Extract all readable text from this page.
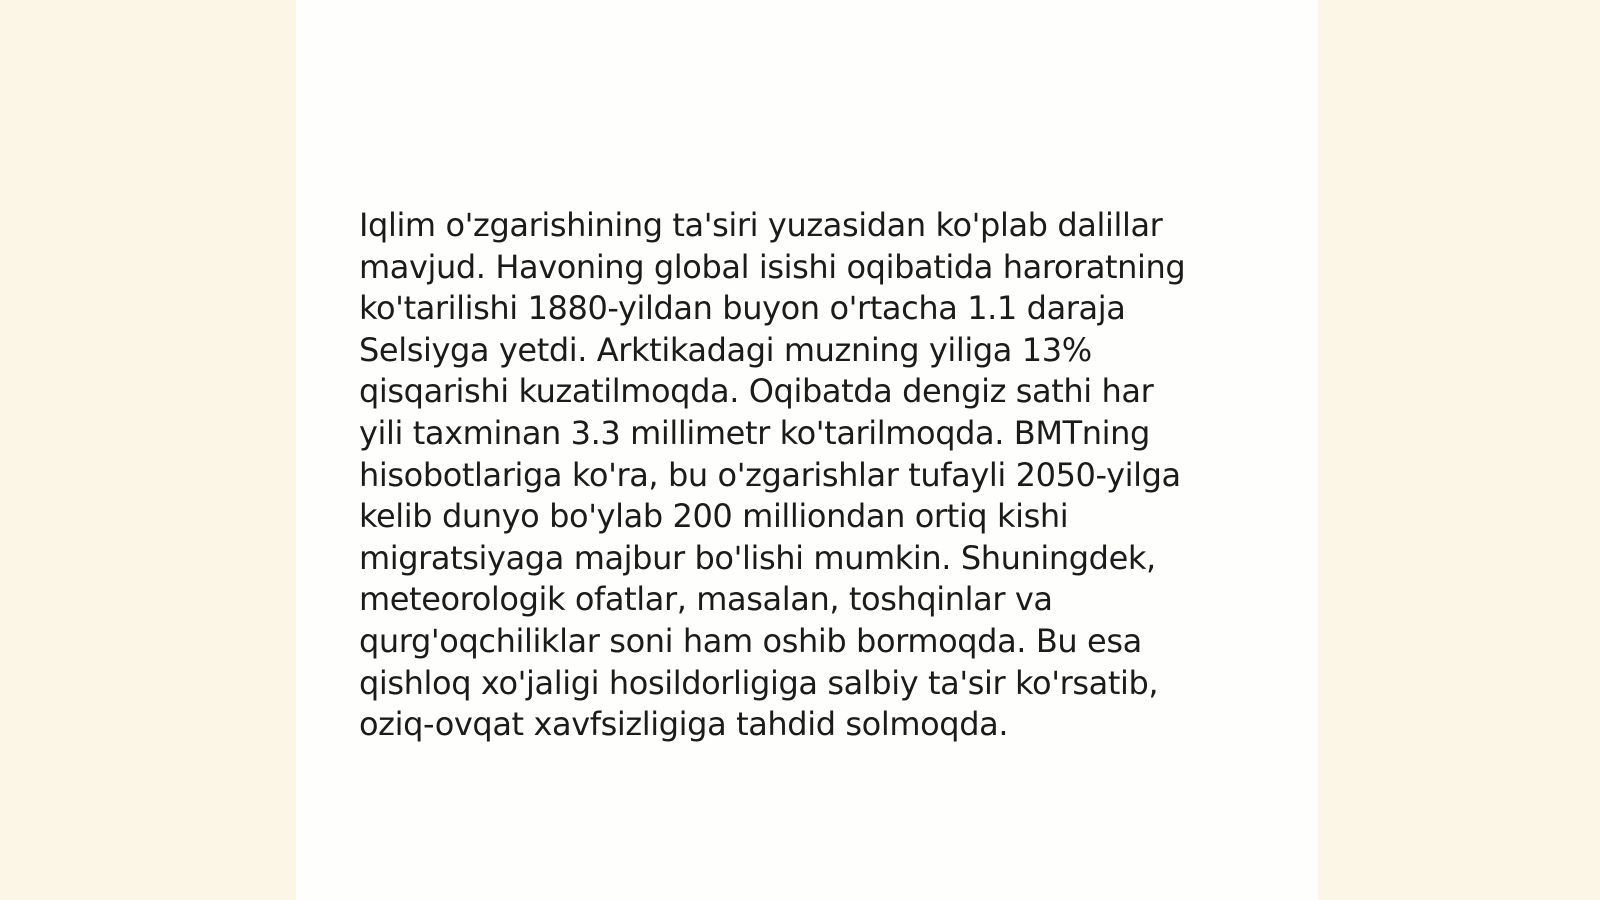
Iqlim o'zgarishining ta'siri yuzasidan ko'plab dalillar
mavjud. Havoning global isishi oqibatida haroratning
ko'tarilishi 1880-yildan buyon o'rtacha 1.1 daraja
Selsiyga yetdi. Arktikadagi muzning yiliga 13%
qisqarishi kuzatilmoqda. Oqibatda dengiz sathi har
yili taxminan 3.3 millimetr ko'tarilmoqda. BMTning
hisobotlariga ko'ra, bu o'zgarishlar tufayli 2050-yilga
kelib dunyo bo'ylab 200 milliondan ortiq kishi
migratsiyaga majbur bo'lishi mumkin. Shuningdek,
meteorologik ofatlar, masalan, toshqinlar va
qurg'oqchiliklar soni ham oshib bormoqda. Bu esa
qishloq xo'jaligi hosildorligiga salbiy ta'sir ko'rsatib,
oziq-ovqat xavfsizligiga tahdid solmoqda.
